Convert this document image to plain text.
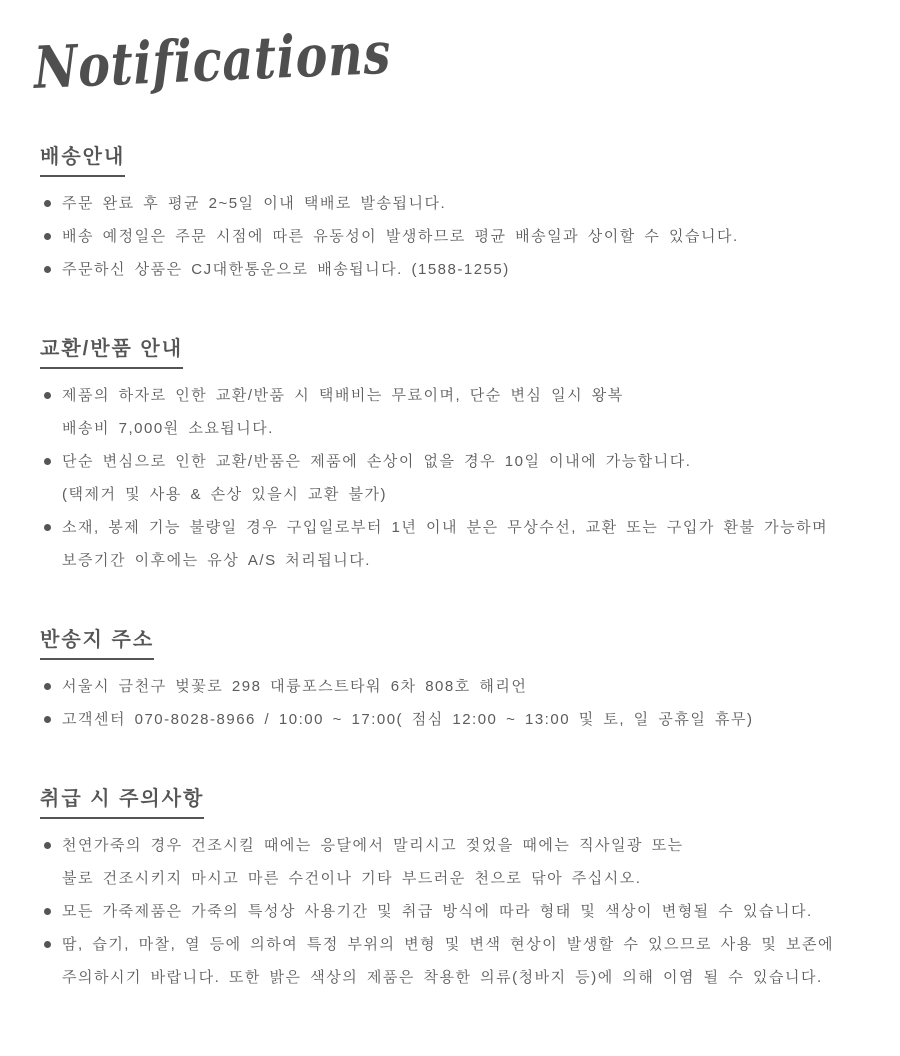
Notifications
배송안내
주문 완료 후 평균 2~5일 이내 택배로 발송됩니다.
배송 예정일은 주문 시점에 따른 유동성이 발생하므로 평균 배송일과 상이할 수 있습니다.
주문하신 상품은 CJ대한통운으로 배송됩니다. (1588-1255)
교환/반품 안내
제품의 하자로 인한 교환/반품 시 택배비는 무료이며, 단순 변심 일시 왕복
배송비 7,000원 소요됩니다.
단순 변심으로 인한 교환/반품은 제품에 손상이 없을 경우 10일 이내에 가능합니다.
(택제거 및 사용 & 손상 있을시 교환 불가)
소재, 봉제 기능 불량일 경우 구입일로부터 1년 이내 분은 무상수선, 교환 또는 구입가 환불 가능하며
보증기간 이후에는 유상 A/S 처리됩니다.
반송지 주소
서울시 금천구 벚꽃로 298 대륭포스트타워 6차 808호 해리언
고객센터 070-8028-8966 / 10:00 ~ 17:00( 점심 12:00 ~ 13:00 및 토, 일 공휴일 휴무)
취급 시 주의사항
천연가죽의 경우 건조시킬 때에는 응달에서 말리시고 젖었을 때에는 직사일광 또는
불로 건조시키지 마시고 마른 수건이나 기타 부드러운 천으로 닦아 주십시오.
모든 가죽제품은 가죽의 특성상 사용기간 및 취급 방식에 따라 형태 및 색상이 변형될 수 있습니다.
땀, 습기, 마찰, 열 등에 의하여 특정 부위의 변형 및 변색 현상이 발생할 수 있으므로 사용 및 보존에
주의하시기 바랍니다. 또한 밝은 색상의 제품은 착용한 의류(청바지 등)에 의해 이염 될 수 있습니다.
